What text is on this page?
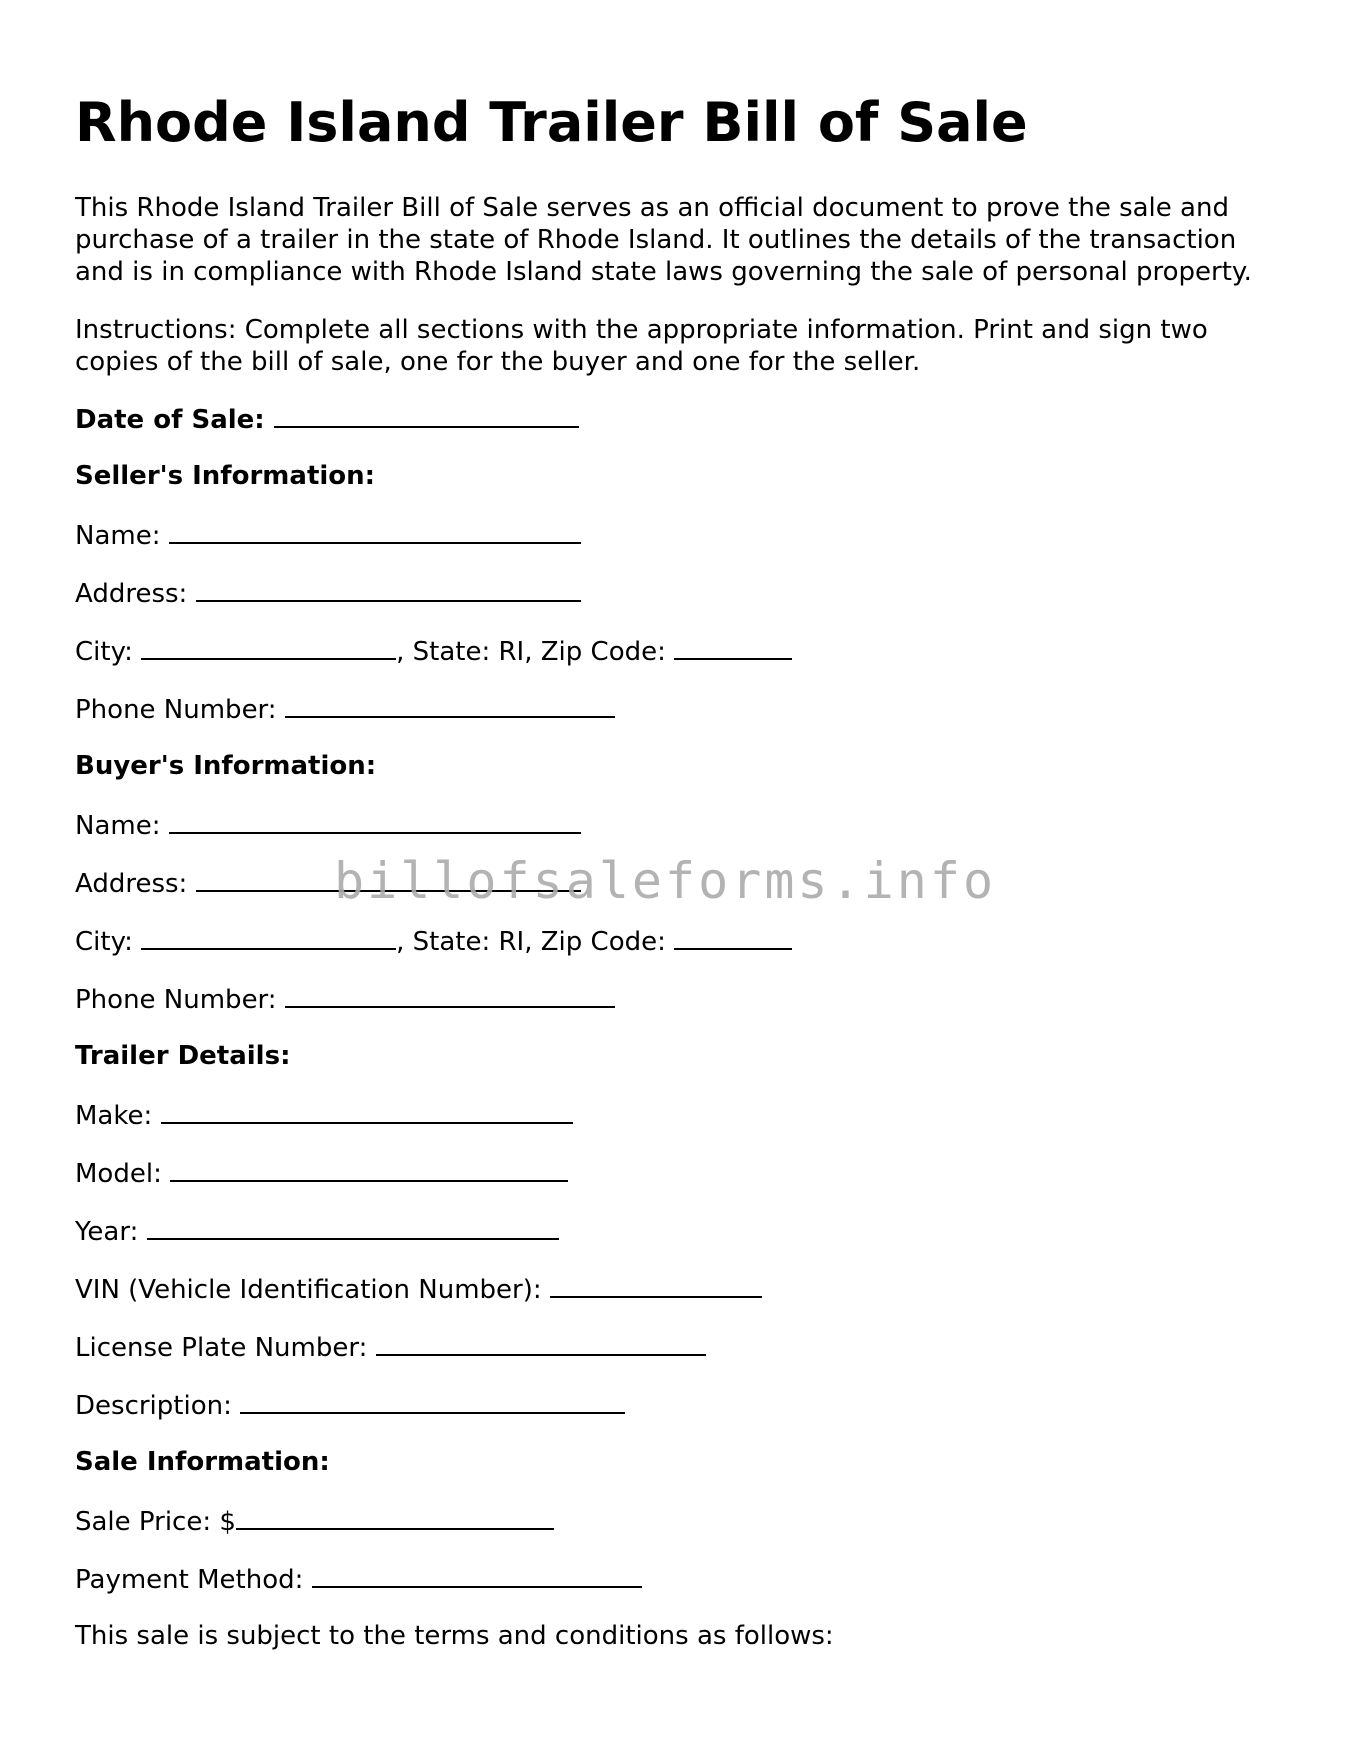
Rhode Island Trailer Bill of Sale

This Rhode Island Trailer Bill of Sale serves as an official document to prove the sale and purchase of a trailer in the state of Rhode Island. It outlines the details of the transaction and is in compliance with Rhode Island state laws governing the sale of personal property.

Instructions: Complete all sections with the appropriate information. Print and sign two copies of the bill of sale, one for the buyer and one for the seller.

Date of Sale:
Seller's Information:
Name:
Address:
City:	, State: RI, Zip Code:
Phone Number:
Buyer's Information:
Name:
Address:
City:	, State: RI, Zip Code:
Phone Number:
Trailer Details:
Make:
Model:
Year:
VIN (Vehicle Identification Number):
License Plate Number:
Description:
Sale Information:
Sale Price: $
Payment Method:
This sale is subject to the terms and conditions as follows:
billofsaleforms.info
